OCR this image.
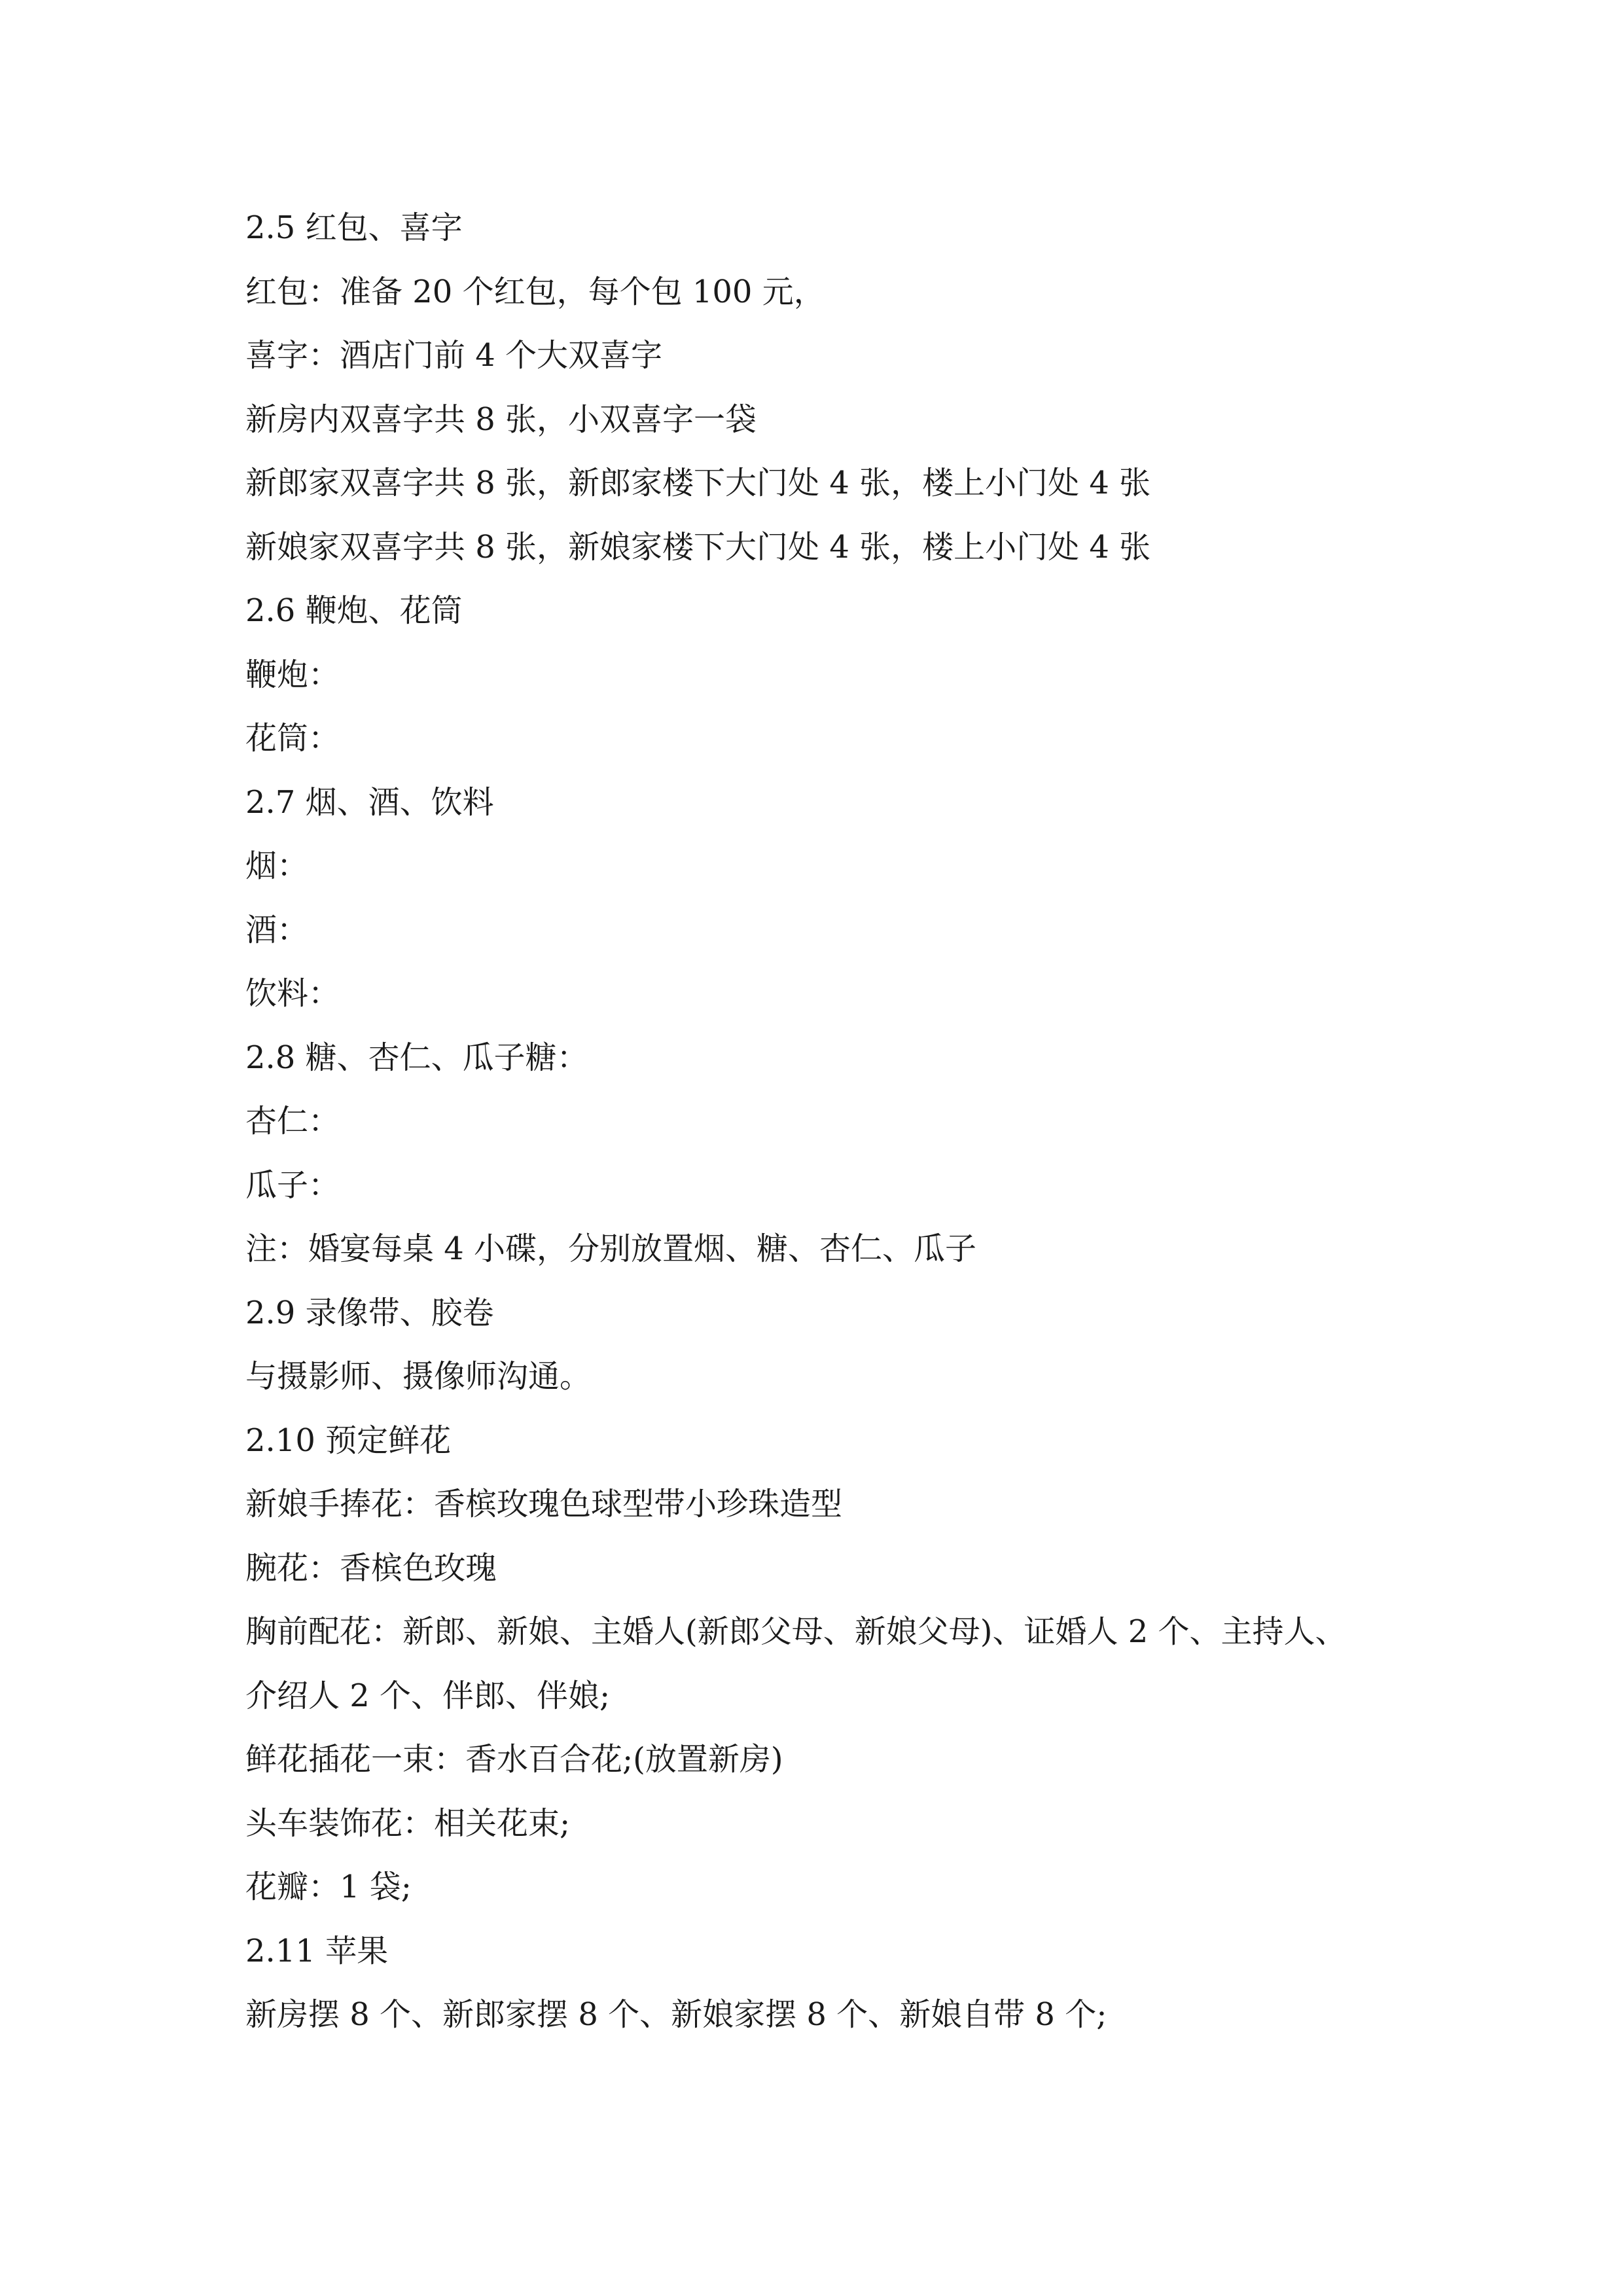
2.5 红包、喜字
红包：准备 20 个红包，每个包 100 元，
喜字：酒店门前 4 个大双喜字
新房内双喜字共 8 张，小双喜字一袋
新郎家双喜字共 8 张，新郎家楼下大门处 4 张，楼上小门处 4 张
新娘家双喜字共 8 张，新娘家楼下大门处 4 张，楼上小门处 4 张
2.6 鞭炮、花筒
鞭炮：
花筒：
2.7 烟、酒、饮料
烟：
酒：
饮料：
2.8 糖、杏仁、瓜子糖：
杏仁：
瓜子：
注：婚宴每桌 4 小碟，分别放置烟、糖、杏仁、瓜子
2.9 录像带、胶卷
与摄影师、摄像师沟通。
2.10 预定鲜花
新娘手捧花：香槟玫瑰色球型带小珍珠造型
腕花：香槟色玫瑰
胸前配花：新郎、新娘、主婚人(新郎父母、新娘父母)、证婚人 2 个、主持人、
介绍人 2 个、伴郎、伴娘;
鲜花插花一束：香水百合花;(放置新房)
头车装饰花：相关花束;
花瓣：1 袋;
2.11 苹果
新房摆 8 个、新郎家摆 8 个、新娘家摆 8 个、新娘自带 8 个;
